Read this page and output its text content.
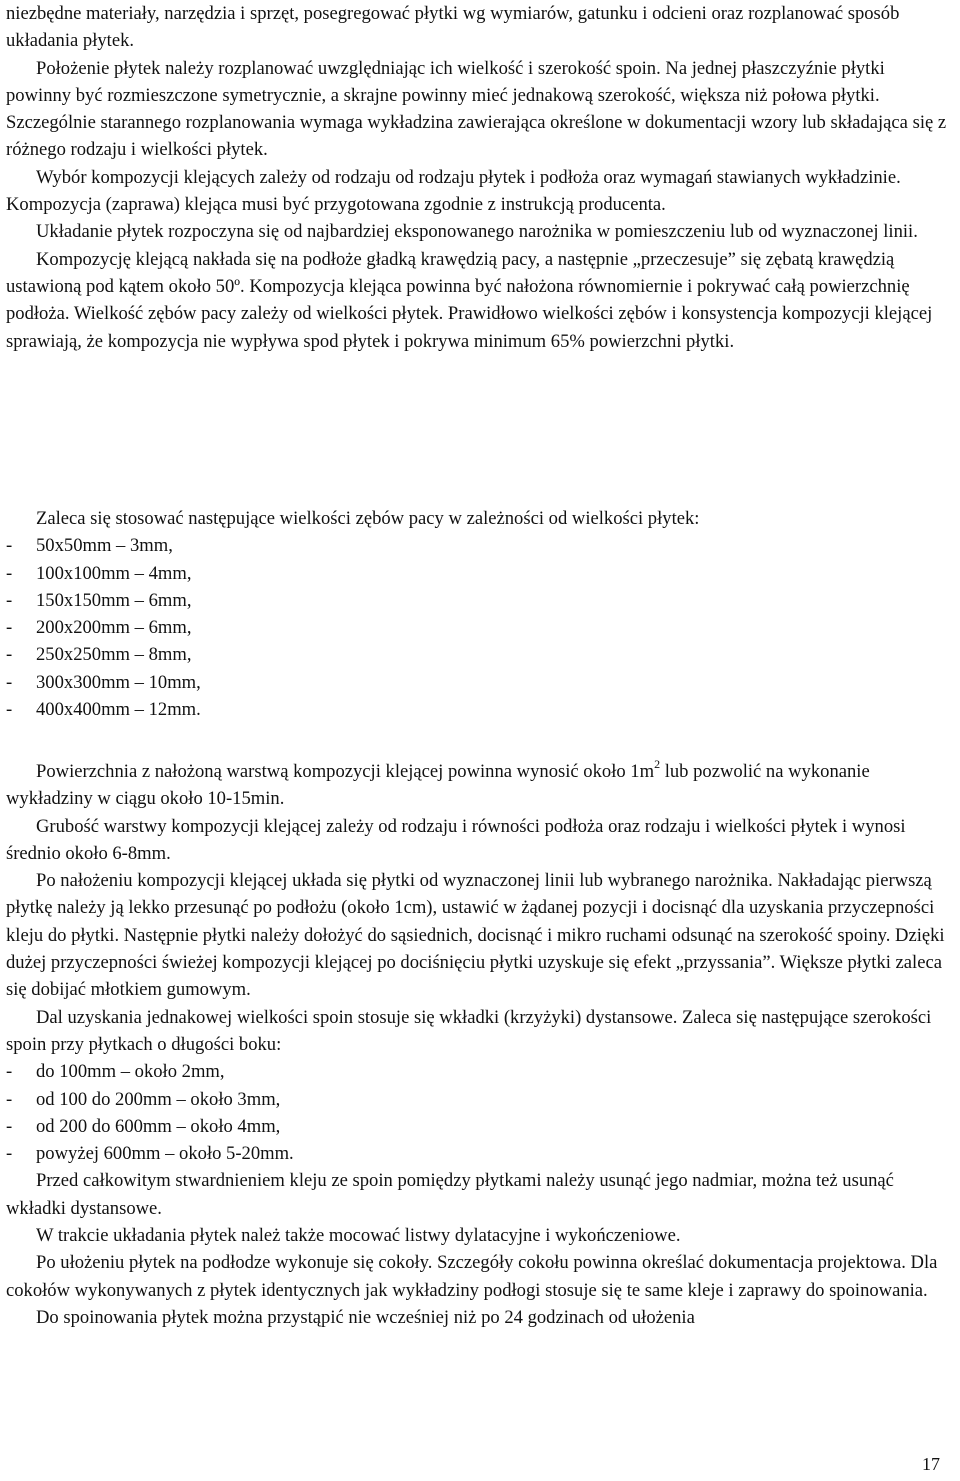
niezbędne materiały, narzędzia i sprzęt, posegregować płytki wg wymiarów, gatunku i odcieni oraz rozplanować sposób układania płytek.

Położenie płytek należy rozplanować uwzględniając ich wielkość i szerokość spoin. Na jednej płaszczyźnie płytki powinny być rozmieszczone symetrycznie, a skrajne powinny mieć jednakową szerokość, większa niż połowa płytki. Szczególnie starannego rozplanowania wymaga wykładzina zawierająca określone w dokumentacji wzory lub składająca się z różnego rodzaju i wielkości płytek.

Wybór kompozycji klejących zależy od rodzaju od rodzaju płytek i podłoża oraz wymagań stawianych wykładzinie. Kompozycja (zaprawa) klejąca musi być przygotowana zgodnie z instrukcją producenta.

Układanie płytek rozpoczyna się od najbardziej eksponowanego narożnika w pomieszczeniu lub od wyznaczonej linii.

Kompozycję klejącą nakłada się na podłoże gładką krawędzią pacy, a następnie „przeczesuje” się zębatą krawędzią ustawioną pod kątem około 50º. Kompozycja klejąca powinna być nałożona równomiernie i pokrywać całą powierzchnię podłoża. Wielkość zębów pacy zależy od wielkości płytek. Prawidłowo wielkości zębów i konsystencja kompozycji klejącej sprawiają, że kompozycja nie wypływa spod płytek i pokrywa minimum 65% powierzchni płytki.

Zaleca się stosować następujące wielkości zębów pacy w zależności od wielkości płytek:

- 50x50mm – 3mm,
- 100x100mm – 4mm,
- 150x150mm – 6mm,
- 200x200mm – 6mm,
- 250x250mm – 8mm,
- 300x300mm – 10mm,
- 400x400mm – 12mm.

Powierzchnia z nałożoną warstwą kompozycji klejącej powinna wynosić około $1m^2$ lub pozwolić na wykonanie wykładziny w ciągu około 10-15min.

Grubość warstwy kompozycji klejącej zależy od rodzaju i równości podłoża oraz rodzaju i wielkości płytek i wynosi średnio około 6-8mm.

Po nałożeniu kompozycji klejącej układa się płytki od wyznaczonej linii lub wybranego narożnika. Nakładając pierwszą płytkę należy ją lekko przesunąć po podłożu (około 1cm), ustawić w żądanej pozycji i docisnąć dla uzyskania przyczepności kleju do płytki. Następnie płytki należy dołożyć do sąsiednich, docisnąć i mikro ruchami odsunąć na szerokość spoiny. Dzięki dużej przyczepności świeżej kompozycji klejącej po dociśnięciu płytki uzyskuje się efekt „przyssania”. Większe płytki zaleca się dobijać młotkiem gumowym.

Dal uzyskania jednakowej wielkości spoin stosuje się wkładki (krzyżyki) dystansowe. Zaleca się następujące szerokości spoin przy płytkach o długości boku:

- do 100mm – około 2mm,
- od 100 do 200mm – około 3mm,
- od 200 do 600mm – około 4mm,
- powyżej 600mm – około 5-20mm.

Przed całkowitym stwardnieniem kleju ze spoin pomiędzy płytkami należy usunąć jego nadmiar, można też usunąć wkładki dystansowe.

W trakcie układania płytek należ także mocować listwy dylatacyjne i wykończeniowe.

Po ułożeniu płytek na podłodze wykonuje się cokoły. Szczegóły cokołu powinna określać dokumentacja projektowa. Dla cokołów wykonywanych z płytek identycznych jak wykładziny podłogi stosuje się te same kleje i zaprawy do spoinowania.

Do spoinowania płytek można przystąpić nie wcześniej niż po 24 godzinach od ułożenia

17
